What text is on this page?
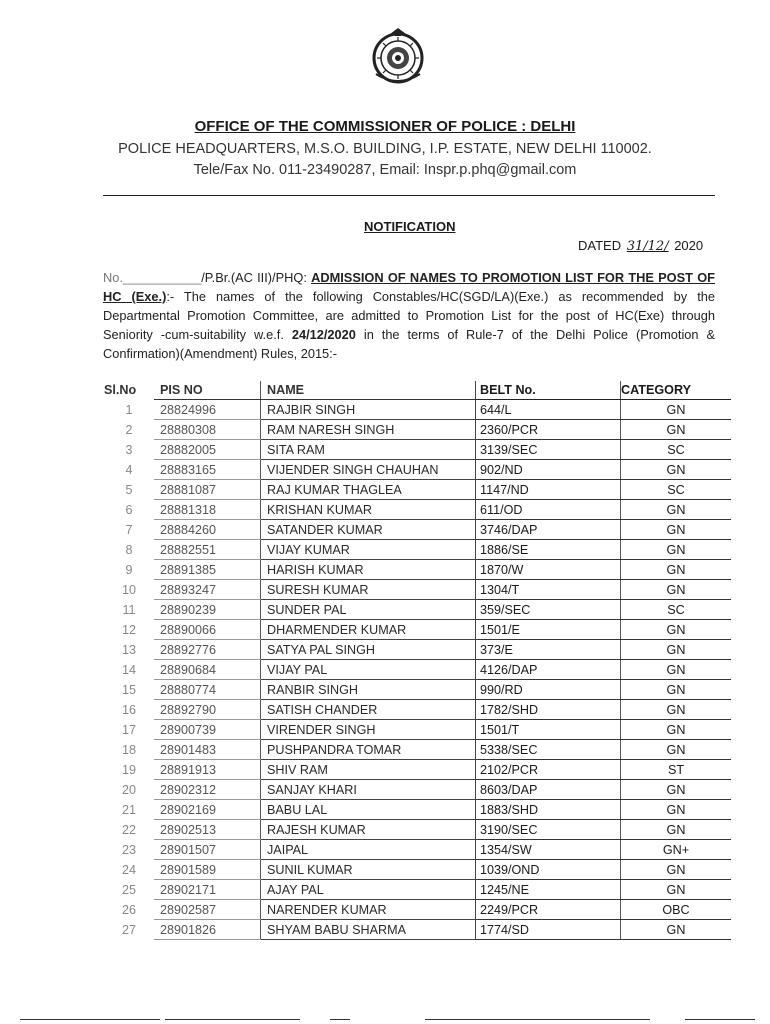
OFFICE OF THE COMMISSIONER OF POLICE : DELHI
POLICE HEADQUARTERS, M.S.O. BUILDING, I.P. ESTATE, NEW DELHI 110002.
Tele/Fax No. 011-23490287, Email: Inspr.p.phq@gmail.com
NOTIFICATION
DATED 31/12/ 2020
No.___________/P.Br.(AC III)/PHQ: ADMISSION OF NAMES TO PROMOTION LIST FOR THE POST OF HC (Exe.):- The names of the following Constables/HC(SGD/LA)(Exe.) as recommended by the Departmental Promotion Committee, are admitted to Promotion List for the post of HC(Exe) through Seniority -cum-suitability w.e.f. 24/12/2020 in the terms of Rule-7 of the Delhi Police (Promotion & Confirmation)(Amendment) Rules, 2015:-
Sl.No	PIS NO	NAME	BELT No.	CATEGORY
1	28824996	RAJBIR SINGH	644/L	GN
2	28880308	RAM NARESH SINGH	2360/PCR	GN
3	28882005	SITA RAM	3139/SEC	SC
4	28883165	VIJENDER SINGH CHAUHAN	902/ND	GN
5	28881087	RAJ KUMAR THAGLEA	1147/ND	SC
6	28881318	KRISHAN KUMAR	611/OD	GN
7	28884260	SATANDER KUMAR	3746/DAP	GN
8	28882551	VIJAY KUMAR	1886/SE	GN
9	28891385	HARISH KUMAR	1870/W	GN
10	28893247	SURESH KUMAR	1304/T	GN
11	28890239	SUNDER PAL	359/SEC	SC
12	28890066	DHARMENDER KUMAR	1501/E	GN
13	28892776	SATYA PAL SINGH	373/E	GN
14	28890684	VIJAY PAL	4126/DAP	GN
15	28880774	RANBIR SINGH	990/RD	GN
16	28892790	SATISH CHANDER	1782/SHD	GN
17	28900739	VIRENDER SINGH	1501/T	GN
18	28901483	PUSHPANDRA TOMAR	5338/SEC	GN
19	28891913	SHIV RAM	2102/PCR	ST
20	28902312	SANJAY KHARI	8603/DAP	GN
21	28902169	BABU LAL	1883/SHD	GN
22	28902513	RAJESH KUMAR	3190/SEC	GN
23	28901507	JAIPAL	1354/SW	GN+
24	28901589	SUNIL KUMAR	1039/OND	GN
25	28902171	AJAY PAL	1245/NE	GN
26	28902587	NARENDER KUMAR	2249/PCR	OBC
27	28901826	SHYAM BABU SHARMA	1774/SD	GN
